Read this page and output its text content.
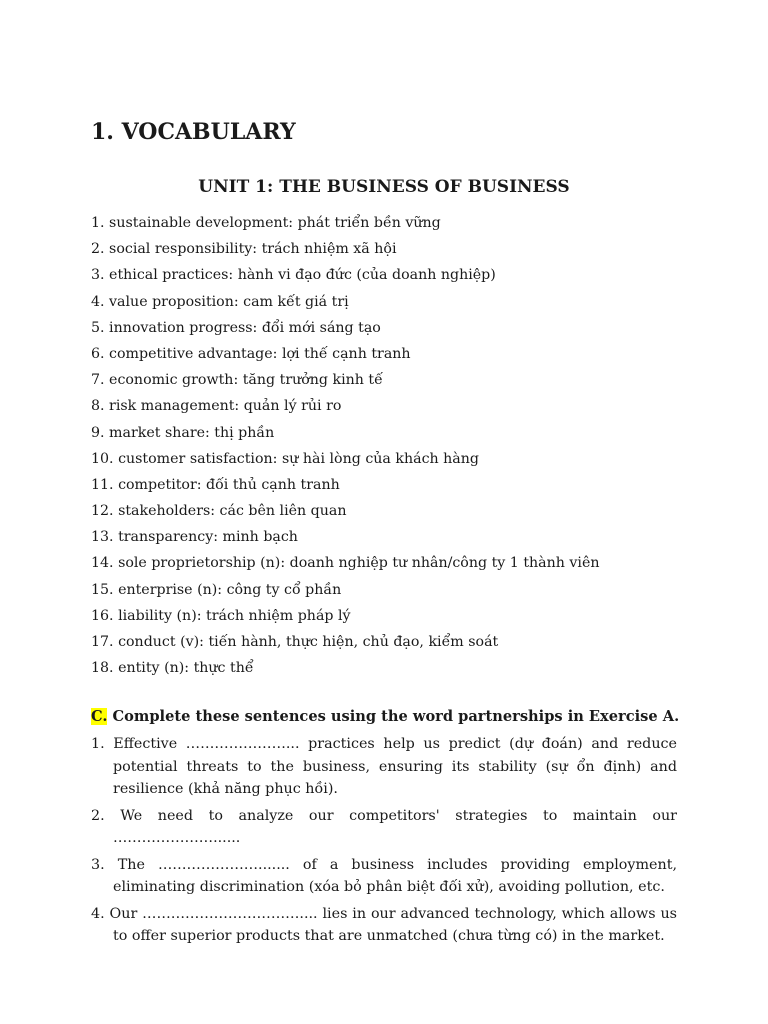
1. VOCABULARY
UNIT 1: THE BUSINESS OF BUSINESS
1. sustainable development: phát triển bền vững
2. social responsibility: trách nhiệm xã hội
3. ethical practices: hành vi đạo đức (của doanh nghiệp)
4. value proposition: cam kết giá trị
5. innovation progress: đổi mới sáng tạo
6. competitive advantage: lợi thế cạnh tranh
7. economic growth: tăng trưởng kinh tế
8. risk management: quản lý rủi ro
9. market share: thị phần
10. customer satisfaction: sự hài lòng của khách hàng
11. competitor: đối thủ cạnh tranh
12. stakeholders: các bên liên quan
13. transparency: minh bạch
14. sole proprietorship (n): doanh nghiệp tư nhân/công ty 1 thành viên
15. enterprise (n): công ty cổ phần
16. liability (n): trách nhiệm pháp lý
17. conduct (v): tiến hành, thực hiện, chủ đạo, kiểm soát
18. entity (n): thực thể

C. Complete these sentences using the word partnerships in Exercise A.

1. Effective …………………... practices help us predict (dự đoán) and reduce potential threats to the business, ensuring its stability (sự ổn định) and resilience (khả năng phục hồi).
2. We need to analyze our competitors' strategies to maintain our …………………......
3. The …………………....... of a business includes providing employment, eliminating discrimination (xóa bỏ phân biệt đối xử), avoiding pollution, etc.
4. Our …………………………….... lies in our advanced technology, which allows us to offer superior products that are unmatched (chưa từng có) in the market.
